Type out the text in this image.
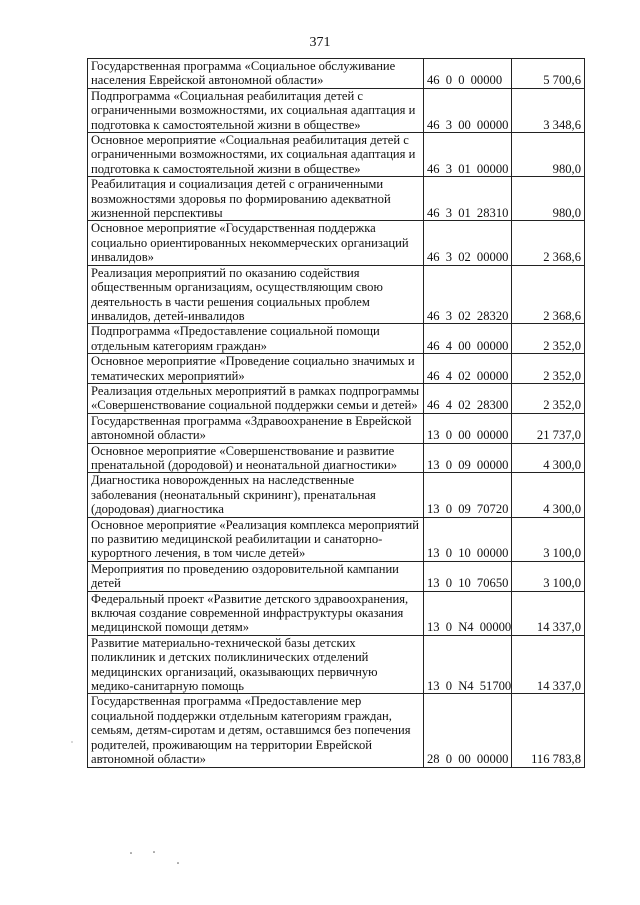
371
Государственная программа «Социальное обслуживание населения Еврейской автономной области»	46 0 0 00000	5 700,6
Подпрограмма «Социальная реабилитация детей с ограниченными возможностями, их социальная адаптация и подготовка к самостоятельной жизни в обществе»	46 3 00 00000	3 348,6
Основное мероприятие «Социальная реабилитация детей с ограниченными возможностями, их социальная адаптация и подготовка к самостоятельной жизни в обществе»	46 3 01 00000	980,0
Реабилитация и социализация детей с ограниченными возможностями здоровья по формированию адекватной жизненной перспективы	46 3 01 28310	980,0
Основное мероприятие «Государственная поддержка социально ориентированных некоммерческих организаций инвалидов»	46 3 02 00000	2 368,6
Реализация мероприятий по оказанию содействия общественным организациям, осуществляющим свою деятельность в части решения социальных проблем инвалидов, детей-инвалидов	46 3 02 28320	2 368,6
Подпрограмма «Предоставление социальной помощи отдельным категориям граждан»	46 4 00 00000	2 352,0
Основное мероприятие «Проведение социально значимых и тематических мероприятий»	46 4 02 00000	2 352,0
Реализация отдельных мероприятий в рамках подпрограммы «Совершенствование социальной поддержки семьи и детей»	46 4 02 28300	2 352,0
Государственная программа «Здравоохранение в Еврейской автономной области»	13 0 00 00000	21 737,0
Основное мероприятие «Совершенствование и развитие пренатальной (дородовой) и неонатальной диагностики»	13 0 09 00000	4 300,0
Диагностика новорожденных на наследственные заболевания (неонатальный скрининг), пренатальная (дородовая) диагностика	13 0 09 70720	4 300,0
Основное мероприятие «Реализация комплекса мероприятий по развитию медицинской реабилитации и санаторно-курортного лечения, в том числе детей»	13 0 10 00000	3 100,0
Мероприятия по проведению оздоровительной кампании детей	13 0 10 70650	3 100,0
Федеральный проект «Развитие детского здравоохранения, включая создание современной инфраструктуры оказания медицинской помощи детям»	13 0 N4 00000	14 337,0
Развитие материально-технической базы детских поликлиник и детских поликлинических отделений медицинских организаций, оказывающих первичную медико-санитарную помощь	13 0 N4 51700	14 337,0
Государственная программа «Предоставление мер социальной поддержки отдельным категориям граждан, семьям, детям-сиротам и детям, оставшимся без попечения родителей, проживающим на территории Еврейской автономной области»	28 0 00 00000	116 783,8
